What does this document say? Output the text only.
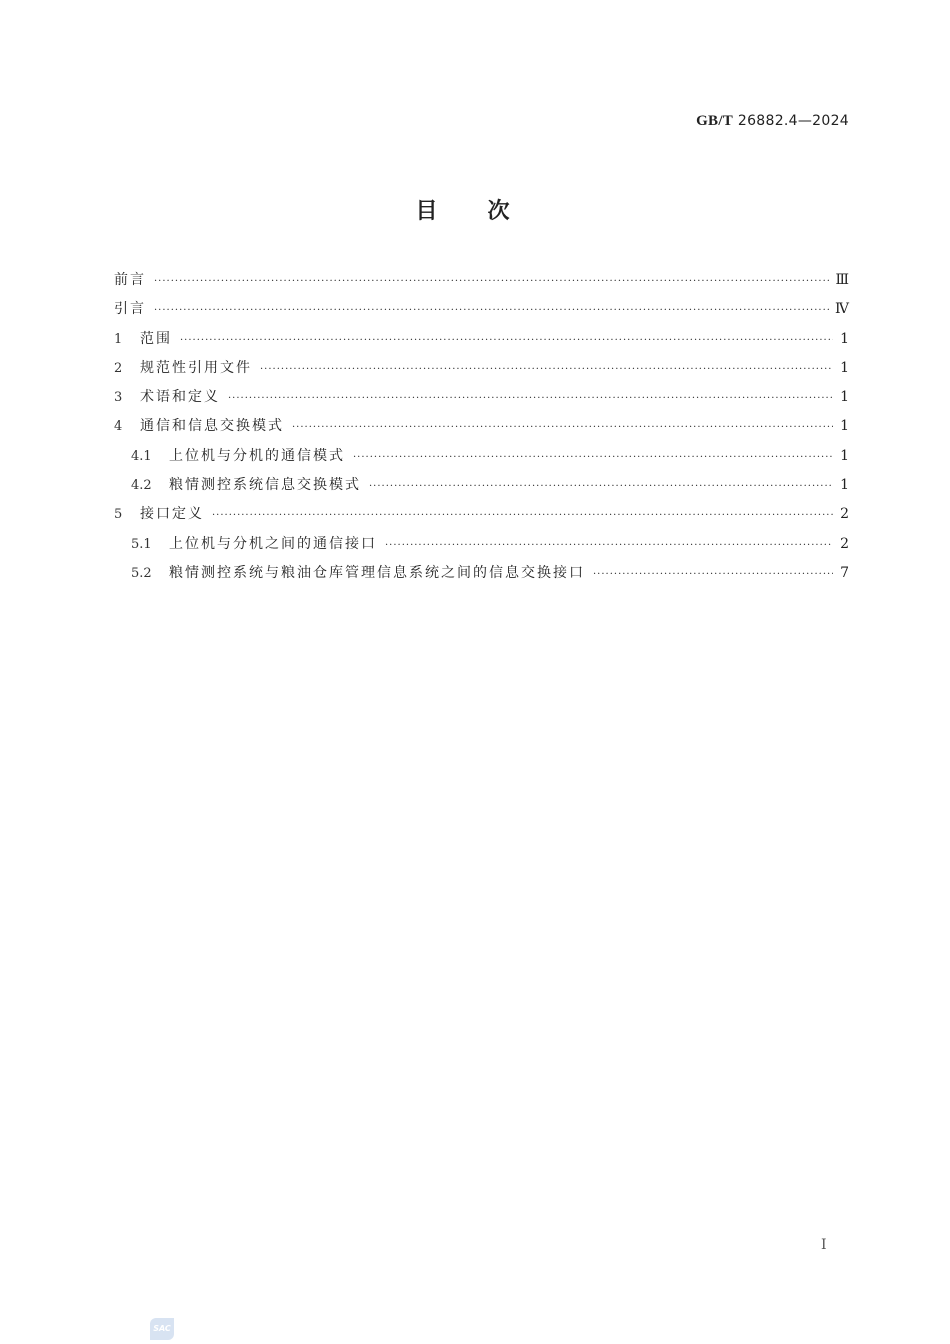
GB/T 26882.4—2024
目次
前言 ·····	Ⅲ
引言 ·····	Ⅳ
1	范围 ·····	1
2	规范性引用文件 ·····	1
3	术语和定义 ·····	1
4	通信和信息交换模式 ·····	1
4.1	上位机与分机的通信模式 ·····	1
4.2	粮情测控系统信息交换模式 ·····	1
5	接口定义 ·····	2
5.1	上位机与分机之间的通信接口 ·····	2
5.2	粮情测控系统与粮油仓库管理信息系统之间的信息交换接口 ·····	7
I
SAC
